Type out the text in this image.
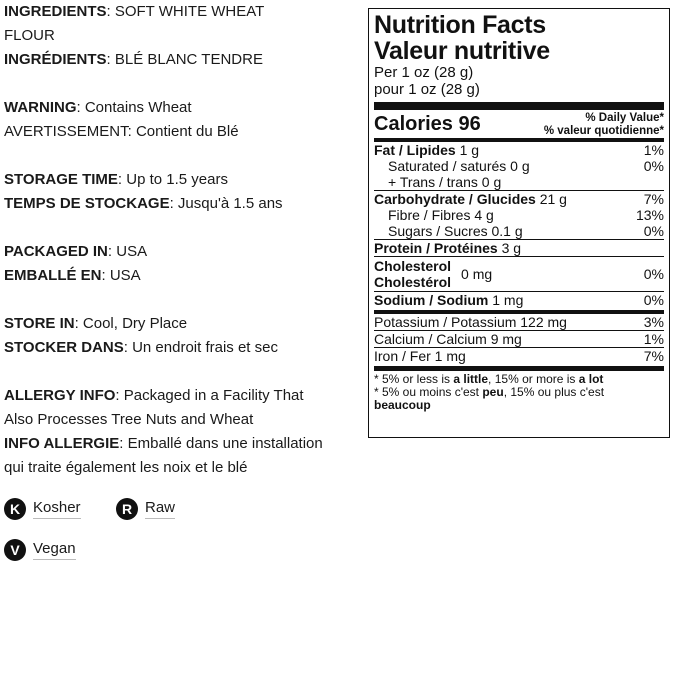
INGREDIENTS: SOFT WHITE WHEAT
FLOUR
INGRÉDIENTS: BLÉ BLANC TENDRE
WARNING: Contains Wheat
AVERTISSEMENT: Contient du Blé
STORAGE TIME: Up to 1.5 years
TEMPS DE STOCKAGE: Jusqu'à 1.5 ans
PACKAGED IN: USA
EMBALLÉ EN: USA
STORE IN: Cool, Dry Place
STOCKER DANS: Un endroit frais et sec
ALLERGY INFO: Packaged in a Facility That
Also Processes Tree Nuts and Wheat
INFO ALLERGIE: Emballé dans une installation
qui traite également les noix et le blé
K Kosher	R Raw
V Vegan
Nutrition Facts
Valeur nutritive
Per 1 oz (28 g)
pour 1 oz (28 g)
Calories 96	% Daily Value*
% valeur quotidienne*
Fat / Lipides 1 g	1%
Saturated / saturés 0 g	0%
+ Trans / trans 0 g
Carbohydrate / Glucides 21 g	7%
Fibre / Fibres 4 g	13%
Sugars / Sucres 0.1 g	0%
Protein / Protéines 3 g
Cholesterol
Cholestérol 0 mg	0%
Sodium / Sodium 1 mg	0%
Potassium / Potassium 122 mg	3%
Calcium / Calcium 9 mg	1%
Iron / Fer 1 mg	7%
* 5% or less is a little, 15% or more is a lot
* 5% ou moins c'est peu, 15% ou plus c'est beaucoup
